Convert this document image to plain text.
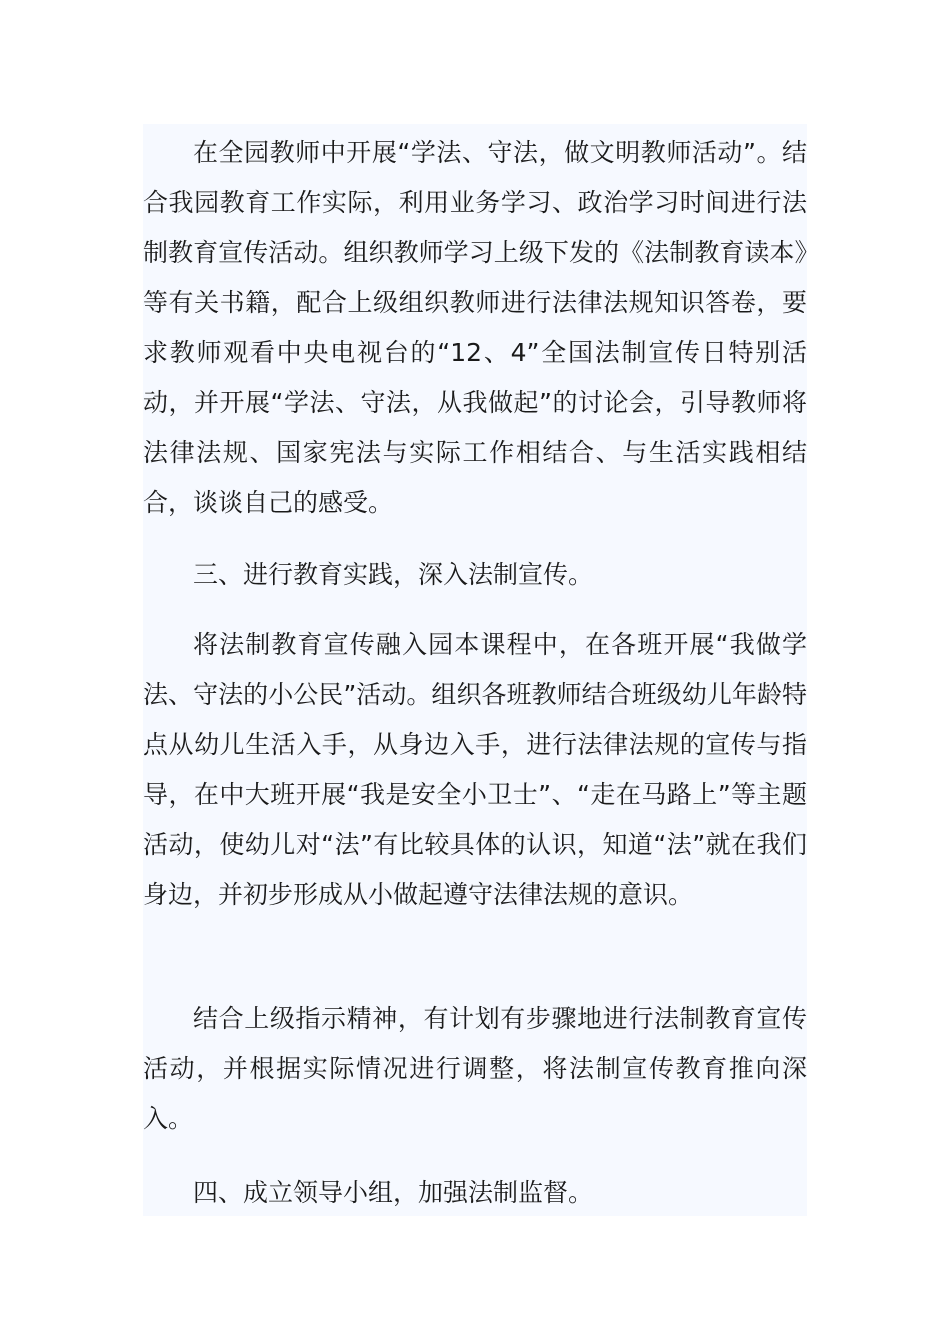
在全园教师中开展“学法、守法，做文明教师活动”。结合我园教育工作实际，利用业务学习、政治学习时间进行法制教育宣传活动。组织教师学习上级下发的《法制教育读本》等有关书籍，配合上级组织教师进行法律法规知识答卷，要求教师观看中央电视台的“12、4”全国法制宣传日特别活动，并开展“学法、守法，从我做起”的讨论会，引导教师将法律法规、国家宪法与实际工作相结合、与生活实践相结合，谈谈自己的感受。

三、进行教育实践，深入法制宣传。

将法制教育宣传融入园本课程中，在各班开展“我做学法、守法的小公民”活动。组织各班教师结合班级幼儿年龄特点从幼儿生活入手，从身边入手，进行法律法规的宣传与指导，在中大班开展“我是安全小卫士”、“走在马路上”等主题活动，使幼儿对“法”有比较具体的认识，知道“法”就在我们身边，并初步形成从小做起遵守法律法规的意识。

结合上级指示精神，有计划有步骤地进行法制教育宣传活动，并根据实际情况进行调整，将法制宣传教育推向深入。

四、成立领导小组，加强法制监督。
